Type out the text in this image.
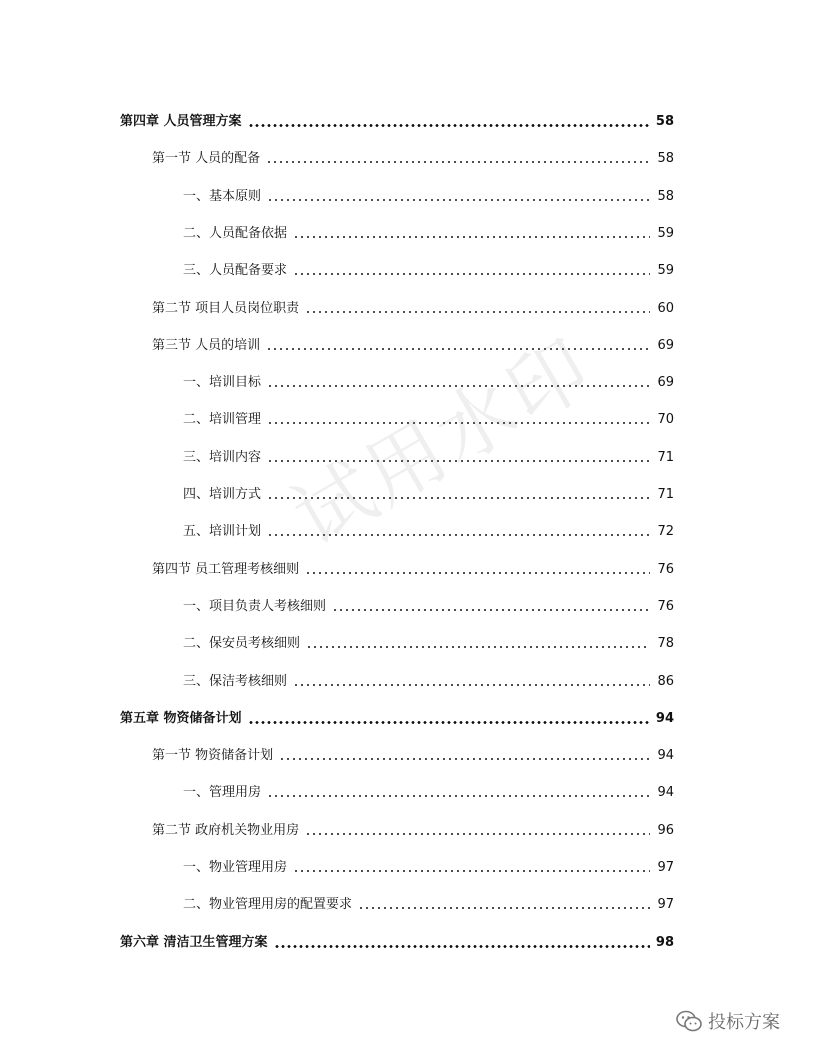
第四章 人员管理方案	58
第一节 人员的配备	58
一、基本原则	58
二、人员配备依据	59
三、人员配备要求	59
第二节 项目人员岗位职责	60
第三节 人员的培训	69
一、培训目标	69
二、培训管理	70
三、培训内容	71
四、培训方式	71
五、培训计划	72
第四节 员工管理考核细则	76
一、项目负责人考核细则	76
二、保安员考核细则	78
三、保洁考核细则	86
第五章 物资储备计划	94
第一节 物资储备计划	94
一、管理用房	94
第二节 政府机关物业用房	96
一、物业管理用房	97
二、物业管理用房的配置要求	97
第六章 清洁卫生管理方案	98
试用水印
投标方案
